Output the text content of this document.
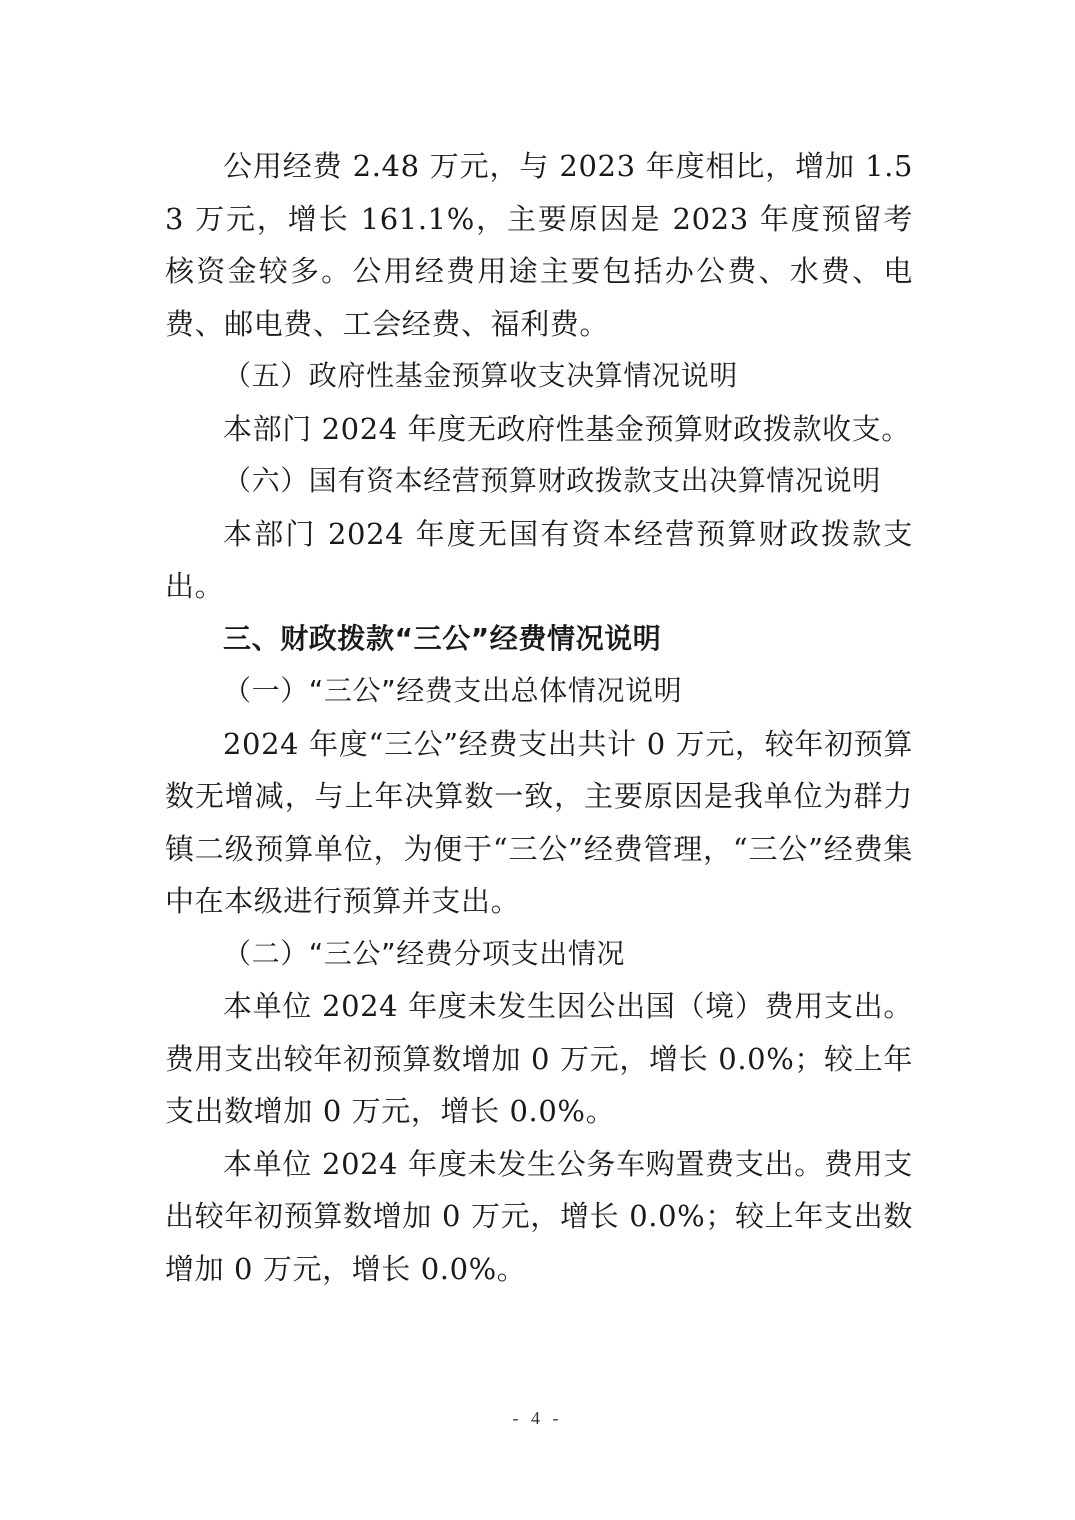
公用经费 2.48 万元，与 2023 年度相比，增加 1.53 万元，增长 161.1%，主要原因是 2023 年度预留考核资金较多。公用经费用途主要包括办公费、水费、电费、邮电费、工会经费、福利费。

（五）政府性基金预算收支决算情况说明

本部门 2024 年度无政府性基金预算财政拨款收支。

（六）国有资本经营预算财政拨款支出决算情况说明

本部门 2024 年度无国有资本经营预算财政拨款支出。

三、财政拨款“三公”经费情况说明

（一）“三公”经费支出总体情况说明

2024 年度“三公”经费支出共计 0 万元，较年初预算数无增减，与上年决算数一致，主要原因是我单位为群力镇二级预算单位，为便于“三公”经费管理，“三公”经费集中在本级进行预算并支出。

（二）“三公”经费分项支出情况

本单位 2024 年度未发生因公出国（境）费用支出。费用支出较年初预算数增加 0 万元，增长 0.0%；较上年支出数增加 0 万元，增长 0.0%。

本单位 2024 年度未发生公务车购置费支出。费用支出较年初预算数增加 0 万元，增长 0.0%；较上年支出数增加 0 万元，增长 0.0%。

- 4 -
